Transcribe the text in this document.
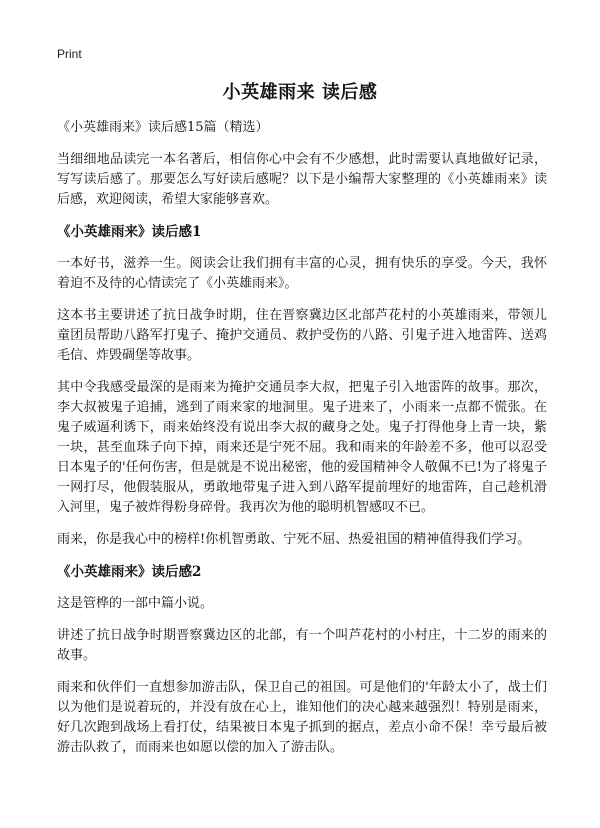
Print
小英雄雨来 读后感

《小英雄雨来》读后感15篇（精选）

当细细地品读完一本名著后，相信你心中会有不少感想，此时需要认真地做好记录，写写读后感了。那要怎么写好读后感呢？以下是小编帮大家整理的《小英雄雨来》读后感，欢迎阅读，希望大家能够喜欢。

《小英雄雨来》读后感1

一本好书，滋养一生。阅读会让我们拥有丰富的心灵，拥有快乐的享受。今天，我怀着迫不及待的心情读完了《小英雄雨来》。

这本书主要讲述了抗日战争时期，住在晋察冀边区北部芦花村的小英雄雨来，带领儿童团员帮助八路军打鬼子、掩护交通员、救护受伤的八路、引鬼子进入地雷阵、送鸡毛信、炸毁碉堡等故事。

其中令我感受最深的是雨来为掩护交通员李大叔，把鬼子引入地雷阵的故事。那次，李大叔被鬼子追捕，逃到了雨来家的地洞里。鬼子进来了，小雨来一点都不慌张。在鬼子威逼利诱下，雨来始终没有说出李大叔的藏身之处。鬼子打得他身上青一块，紫一块，甚至血珠子向下掉，雨来还是宁死不屈。我和雨来的年龄差不多，他可以忍受日本鬼子的'任何伤害，但是就是不说出秘密，他的爱国精神令人敬佩不已!为了将鬼子一网打尽，他假装服从，勇敢地带鬼子进入到八路军提前埋好的地雷阵，自己趁机滑入河里，鬼子被炸得粉身碎骨。我再次为他的聪明机智感叹不已。

雨来，你是我心中的榜样!你机智勇敢、宁死不屈、热爱祖国的精神值得我们学习。

《小英雄雨来》读后感2

这是管桦的一部中篇小说。

讲述了抗日战争时期晋察冀边区的北部，有一个叫芦花村的小村庄，十二岁的雨来的故事。

雨来和伙伴们一直想参加游击队，保卫自己的祖国。可是他们的'年龄太小了，战士们以为他们是说着玩的，并没有放在心上，谁知他们的决心越来越强烈！特别是雨来，好几次跑到战场上看打仗，结果被日本鬼子抓到的据点，差点小命不保！幸亏最后被游击队救了，而雨来也如愿以偿的加入了游击队。
